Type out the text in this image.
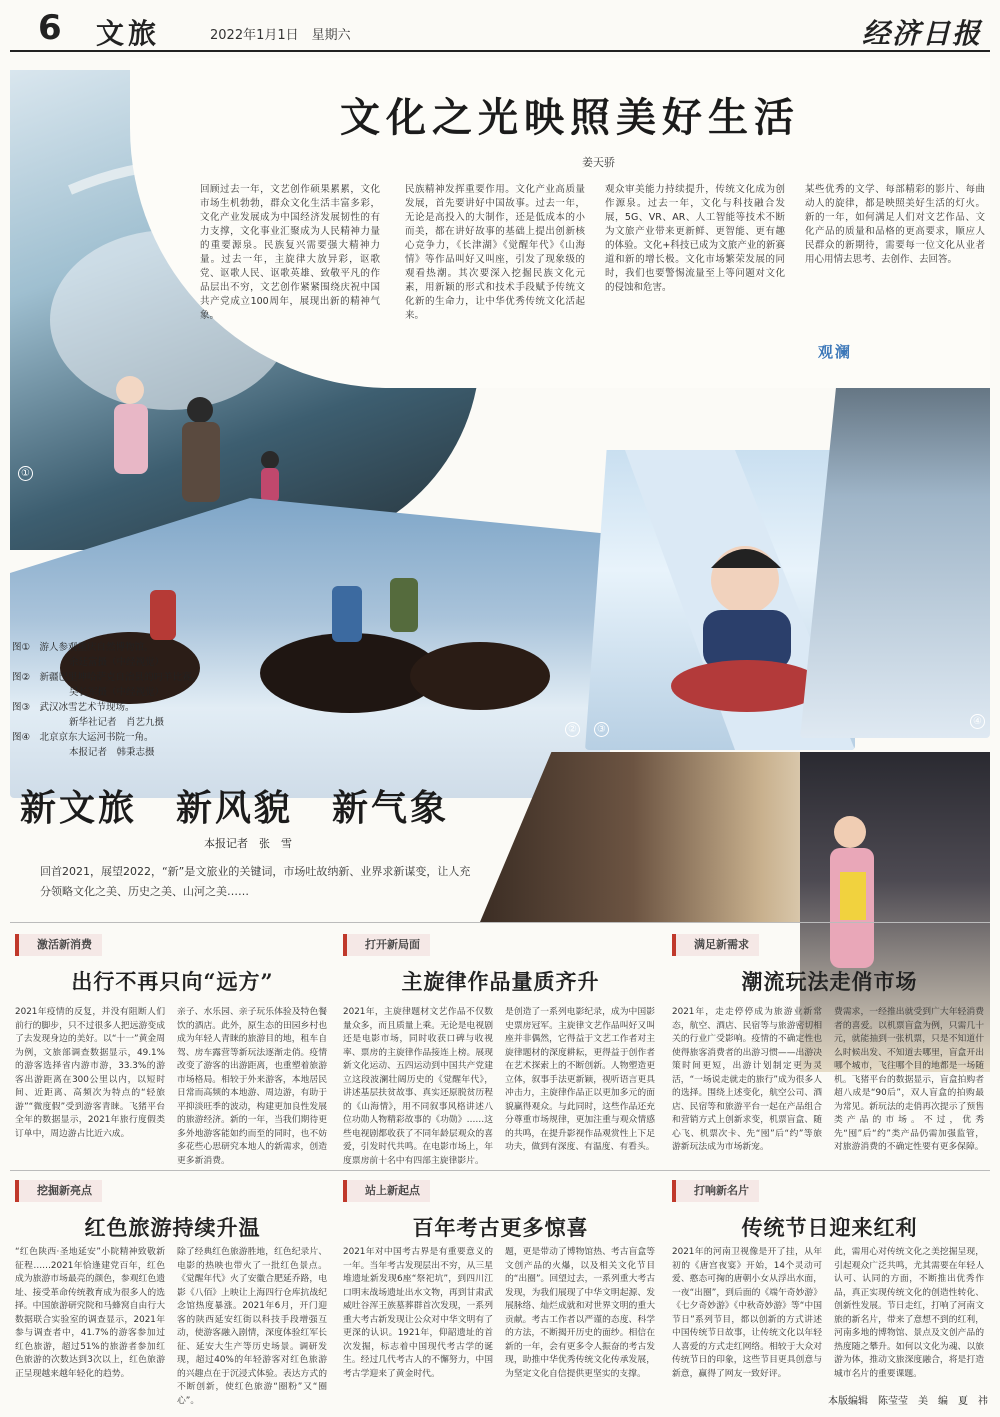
6 文旅	2022年1月1日　星期六	经济日报
文化之光映照美好生活
姜天骄
回顾过去一年，文艺创作硕果累累，文化市场生机勃勃，群众文化生活丰富多彩，文化产业发展成为中国经济发展韧性的有力支撑，文化事业汇聚成为人民精神力量的重要源泉。民族复兴需要强大精神力量。过去一年，主旋律大放异彩，讴歌党、讴歌人民、讴歌英雄、致敬平凡的作品层出不穷，文艺创作紧紧围绕庆祝中国共产党成立100周年，展现出新的精神气象。
民族精神发挥重要作用。文化产业高质量发展，首先要讲好中国故事。过去一年，无论是高投入的大制作，还是低成本的小而美，都在讲好故事的基础上提出创新核心竞争力，《长津湖》《觉醒年代》《山海情》等作品叫好又叫座，引发了现象级的观看热潮。其次要深入挖掘民族文化元素，用新颖的形式和技术手段赋予传统文化新的生命力，让中华优秀传统文化活起来。
观众审美能力持续提升，传统文化成为创作源泉。过去一年，文化与科技融合发展，5G、VR、AR、人工智能等技术不断为文旅产业带来更新鲜、更智能、更有趣的体验。文化+科技已成为文旅产业的新赛道和新的增长极。文化市场繁荣发展的同时，我们也要警惕流量至上等问题对文化的侵蚀和危害。
某些优秀的文学、每部精彩的影片、每曲动人的旋律，都是映照美好生活的灯火。新的一年，如何满足人们对文艺作品、文化产品的质量和品格的更高要求，顺应人民群众的新期待，需要每一位文化从业者用心用情去思考、去创作、去回答。
观澜
①
②	③
④
图①　游人参观重庆自然博物馆。
　　　　　　余廷富摄（中经视觉）
图②　新疆巴里坤哈萨克自治县的叼羊比赛。
　　　　　　吴长军摄（中经视觉）
图③　武汉冰雪艺术节现场。
　　　　　　新华社记者　肖艺九摄
图④　北京京东大运河书院一角。
　　　　　　本报记者　韩秉志摄
新文旅　新风貌　新气象
本报记者　张　雪
回首2021，展望2022，“新”是文旅业的关键词，市场吐故纳新、业界求新谋变，让人充分领略文化之美、历史之美、山河之美……
激活新消费
出行不再只向“远方”
2021年疫情的反复，并没有阻断人们前行的脚步，只不过很多人把远游变成了去发现身边的美好。以“十一”黄金周为例，文旅部调查数据显示，49.1%的游客选择省内游市游，33.3%的游客出游距离在300公里以内，以短时间、近距离、高频次为特点的“轻旅游”“微度假”受到游客青睐。飞猪平台全年的数据显示，2021年旅行度假类订单中，周边游占比近六成。
亲子、水乐园、亲子玩乐体验及特色餐饮的酒店。此外，原生态的田园乡村也成为年轻人青睐的旅游目的地，租车自驾、房车露营等新玩法逐渐走俏。疫情改变了游客的出游距离，也重塑着旅游市场格局。相较于外来游客，本地居民日常而高频的本地游、周边游，有助于平抑淡旺季的波动，构建更加良性发展的旅游经济。新的一年，当我们期待更多外地游客能如约而至的同时，也不妨多花些心思研究本地人的新需求，创造更多新消费。
打开新局面
主旋律作品量质齐升
2021年，主旋律题材文艺作品不仅数量众多，而且质量上乘。无论是电视剧还是电影市场，同时收获口碑与收视率、票房的主旋律作品接连上榜。展现新文化运动、五四运动到中国共产党建立这段波澜壮阔历史的《觉醒年代》，讲述基层扶贫故事、真实还原脱贫历程的《山海情》，用不同叙事风格讲述八位功勋人物精彩故事的《功勋》……这些电视剧都收获了不同年龄层观众的喜爱，引发时代共鸣。在电影市场上，年度票房前十名中有四部主旋律影片。
是创造了一系列电影纪录，成为中国影史票房冠军。主旋律文艺作品叫好又叫座并非偶然，它得益于文艺工作者对主旋律题材的深度耕耘，更得益于创作者在艺术探索上的不断创新。人物塑造更立体，叙事手法更新颖，视听语言更具冲击力，主旋律作品正以更加多元的面貌赢得观众。与此同时，这些作品还充分尊重市场规律，更加注重与观众情感的共鸣，在提升影视作品观赏性上下足功夫，做到有深度、有温度、有看头。
满足新需求
潮流玩法走俏市场
2021年，走走停停成为旅游业新常态，航空、酒店、民宿等与旅游密切相关的行业广受影响。疫情的不确定性也使得旅客消费者的出游习惯——出游决策时间更短，出游计划制定更为灵活，“一场说走就走的旅行”成为很多人的选择。围绕上述变化，航空公司、酒店、民宿等和旅游平台一起在产品组合和营销方式上创新求变，机票盲盒、随心飞、机票次卡、先“囤”后“约”等旅游新玩法成为市场新宠。
费需求，一经推出就受到广大年轻消费者的喜爱。以机票盲盒为例，只需几十元，就能抽到一张机票，只是不知道什么时候出发、不知道去哪里，盲盒开出哪个城市，飞往哪个目的地都是一场随机。飞猪平台的数据显示，盲盒拍购者超八成是“90后”，双人盲盒的拍购最为常见。新玩法的走俏再次提示了预售类产品的市场。不过，优秀先“囤”后“约”类产品仍需加强监管，对旅游消费的不确定性要有更多保障。
挖掘新亮点
红色旅游持续升温
“红色陕西·圣地延安”小院精神致敬新征程……2021年恰逢建党百年，红色成为旅游市场最亮的颜色，参观红色遗址、接受革命传统教育成为很多人的选择。中国旅游研究院和马蜂窝自由行大数据联合实验室的调查显示，2021年参与调查者中，41.7%的游客参加过红色旅游，超过51%的旅游者参加红色旅游的次数达到3次以上，红色旅游正呈现越来越年轻化的趋势。
除了经典红色旅游胜地，红色纪录片、电影的热映也带火了一批红色景点。《觉醒年代》火了安徽合肥延乔路，电影《八佰》上映让上海四行仓库抗战纪念馆热度暴涨。2021年6月，开门迎客的陕西延安红街以科技手段增强互动，使游客融入剧情，深度体验红军长征、延安大生产等历史场景。调研发现，超过40%的年轻游客对红色旅游的兴趣点在于沉浸式体验。表达方式的不断创新，使红色旅游“圈粉”又“圈心”。
站上新起点
百年考古更多惊喜
2021年对中国考古界是有重要意义的一年。当年考古发现层出不穷，从三星堆遗址新发现6座“祭祀坑”，到四川江口明末战场遗址出水文物，再到甘肃武威吐谷浑王族墓葬群首次发现，一系列重大考古新发现让公众对中华文明有了更深的认识。1921年，仰韶遗址的首次发掘，标志着中国现代考古学的诞生。经过几代考古人的不懈努力，中国考古学迎来了黄金时代。
题，更是带动了博物馆热、考古盲盒等文创产品的火爆，以及相关文化节目的“出圈”。回望过去，一系列重大考古发现，为我们展现了中华文明起源、发展脉络、灿烂成就和对世界文明的重大贡献。考古工作者以严谨的态度、科学的方法，不断揭开历史的面纱。相信在新的一年，会有更多令人振奋的考古发现，助推中华优秀传统文化传承发展，为坚定文化自信提供更坚实的支撑。
打响新名片
传统节日迎来红利
2021年的河南卫视像是开了挂，从年初的《唐宫夜宴》开始，14个灵动可爱、憨态可掬的唐朝小女从浮出水面，一夜“出圈”，到后面的《端午奇妙游》《七夕奇妙游》《中秋奇妙游》等“中国节日”系列节目，都以创新的方式讲述中国传统节日故事，让传统文化以年轻人喜爱的方式走红网络。相较于大众对传统节日的印象，这些节目更具创意与新意，赢得了网友一致好评。
此，需用心对传统文化之美挖掘呈现，引起观众广泛共鸣，尤其需要在年轻人认可、认同的方面，不断推出优秀作品，真正实现传统文化的创造性转化、创新性发展。节日走红，打响了河南文旅的新名片，带来了意想不到的红利，河南多地的博物馆、景点及文创产品的热度随之攀升。如何以文化为魂、以旅游为体，推动文旅深度融合，将是打造城市名片的重要课题。
本版编辑　陈莹莹　美　编　夏　祎
